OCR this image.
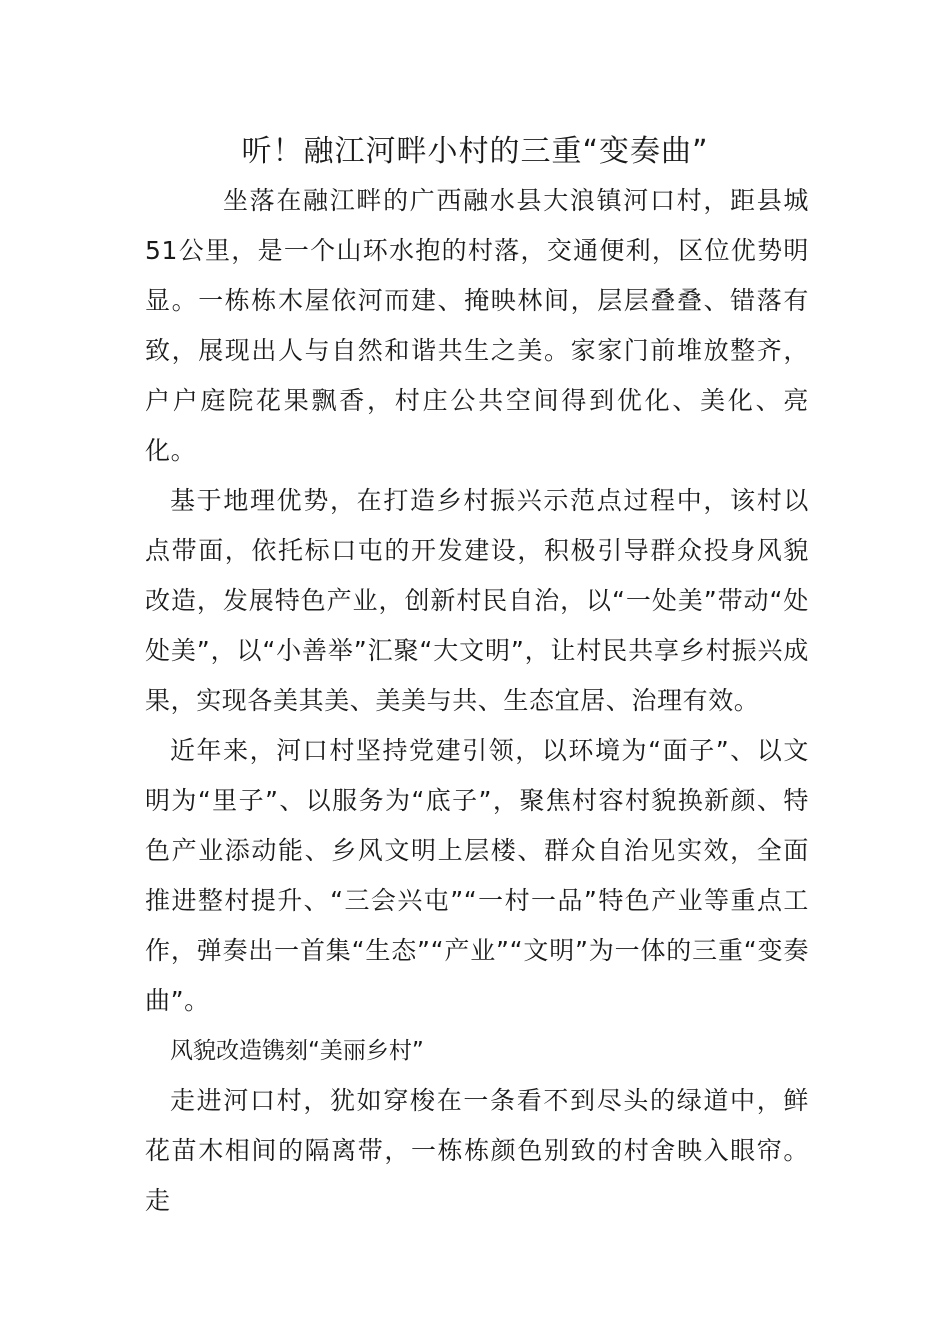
听！融江河畔小村的三重“变奏曲”

坐落在融江畔的广西融水县大浪镇河口村，距县城51公里，是一个山环水抱的村落，交通便利，区位优势明显。一栋栋木屋依河而建、掩映林间，层层叠叠、错落有致，展现出人与自然和谐共生之美。家家门前堆放整齐，户户庭院花果飘香，村庄公共空间得到优化、美化、亮化。

基于地理优势，在打造乡村振兴示范点过程中，该村以点带面，依托标口屯的开发建设，积极引导群众投身风貌改造，发展特色产业，创新村民自治，以“一处美”带动“处处美”，以“小善举”汇聚“大文明”，让村民共享乡村振兴成果，实现各美其美、美美与共、生态宜居、治理有效。

近年来，河口村坚持党建引领，以环境为“面子”、以文明为“里子”、以服务为“底子”，聚焦村容村貌换新颜、特色产业添动能、乡风文明上层楼、群众自治见实效，全面推进整村提升、“三会兴屯”“一村一品”特色产业等重点工作，弹奏出一首集“生态”“产业”“文明”为一体的三重“变奏曲”。

风貌改造镌刻“美丽乡村”

走进河口村，犹如穿梭在一条看不到尽头的绿道中，鲜花苗木相间的隔离带，一栋栋颜色别致的村舍映入眼帘。走
